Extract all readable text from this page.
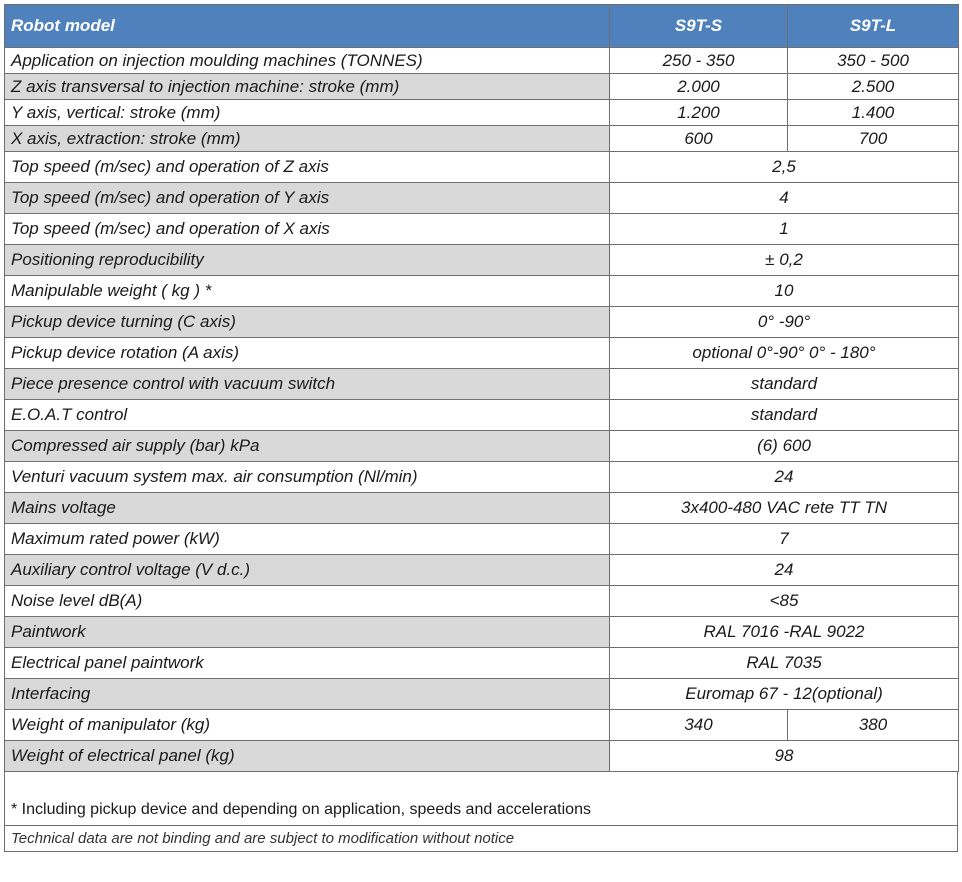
Robot model	S9T-S	S9T-L
Application on injection moulding machines (TONNES)	250 - 350	350 - 500
Z axis transversal to injection machine: stroke (mm)	2.000	2.500
Y axis, vertical: stroke (mm)	1.200	1.400
X axis, extraction: stroke (mm)	600	700
Top speed (m/sec) and operation of Z axis	2,5	
Top speed (m/sec) and operation of Y axis	4	
Top speed (m/sec) and operation of X axis	1	
Positioning reproducibility	± 0,2	
Manipulable weight ( kg ) *	10	
Pickup device turning (C axis)	0° -90°	
Pickup device rotation (A axis)	optional 0°-90° 0° - 180°	
Piece presence control with vacuum switch	standard	
E.O.A.T control	standard	
Compressed air supply (bar) kPa	(6) 600	
Venturi vacuum system max. air consumption (Nl/min)	24	
Mains voltage	3x400-480 VAC rete TT TN	
Maximum rated power (kW)	7	
Auxiliary control voltage (V d.c.)	24	
Noise level dB(A)	<85	
Paintwork	RAL 7016 -RAL 9022	
Electrical panel paintwork	RAL 7035	
Interfacing	Euromap 67 - 12(optional)	
Weight of manipulator (kg)	340	380
Weight of electrical panel (kg)	98	
* Including pickup device and depending on application, speeds and accelerations
Technical data are not binding and are subject to modification without notice
